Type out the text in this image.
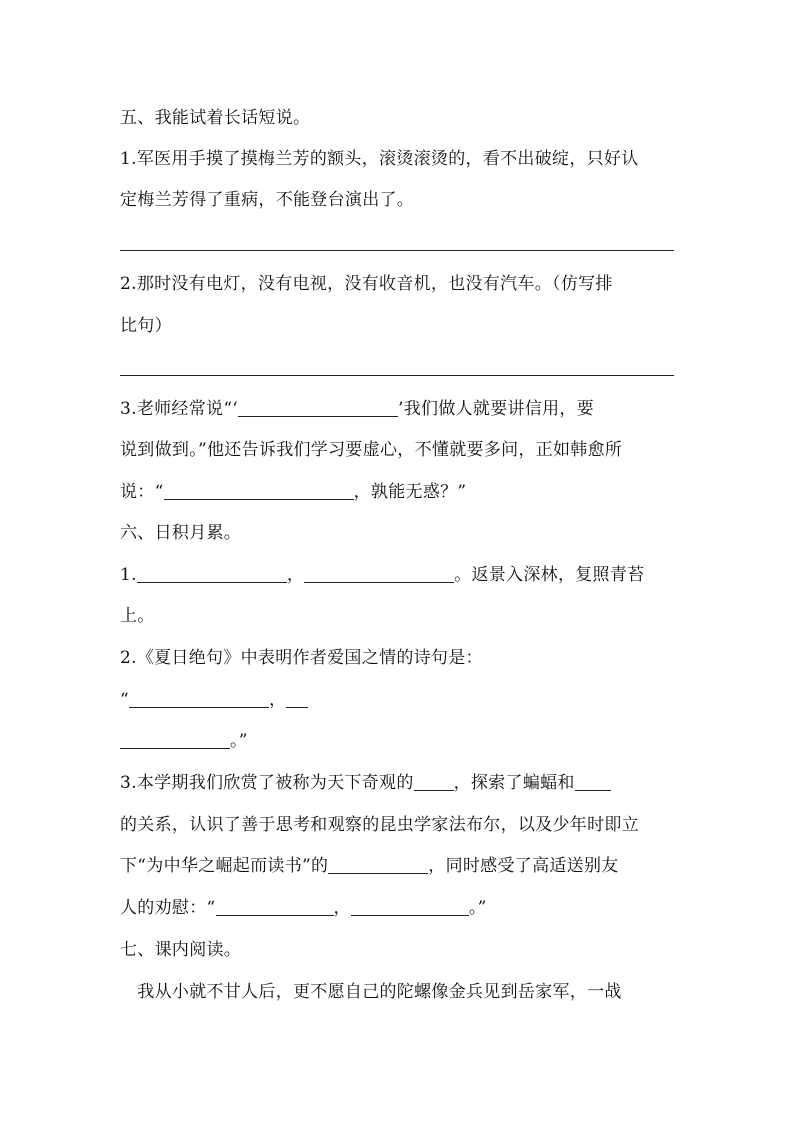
五、我能试着长话短说。
1.军医用手摸了摸梅兰芳的额头，滚烫滚烫的，看不出破绽，只好认
定梅兰芳得了重病，不能登台演出了。
2.那时没有电灯，没有电视，没有收音机，也没有汽车。（仿写排
比句）
3.老师经常说“‘	’我们做人就要讲信用，要
说到做到。”他还告诉我们学习要虚心，不懂就要多问，正如韩愈所
说：“	，孰能无惑？”
六、日积月累。
1.	，	。返景入深林，复照青苔
上。
2.《夏日绝句》中表明作者爱国之情的诗句是：
“	，
。”
3.本学期我们欣赏了被称为天下奇观的 ，探索了蝙蝠和
的关系，认识了善于思考和观察的昆虫学家法布尔，以及少年时即立
下“为中华之崛起而读书”的	，同时感受了高适送别友
人的劝慰：“	，	。”
七、课内阅读。
　我从小就不甘人后，更不愿自己的陀螺像金兵见到岳家军，一战
